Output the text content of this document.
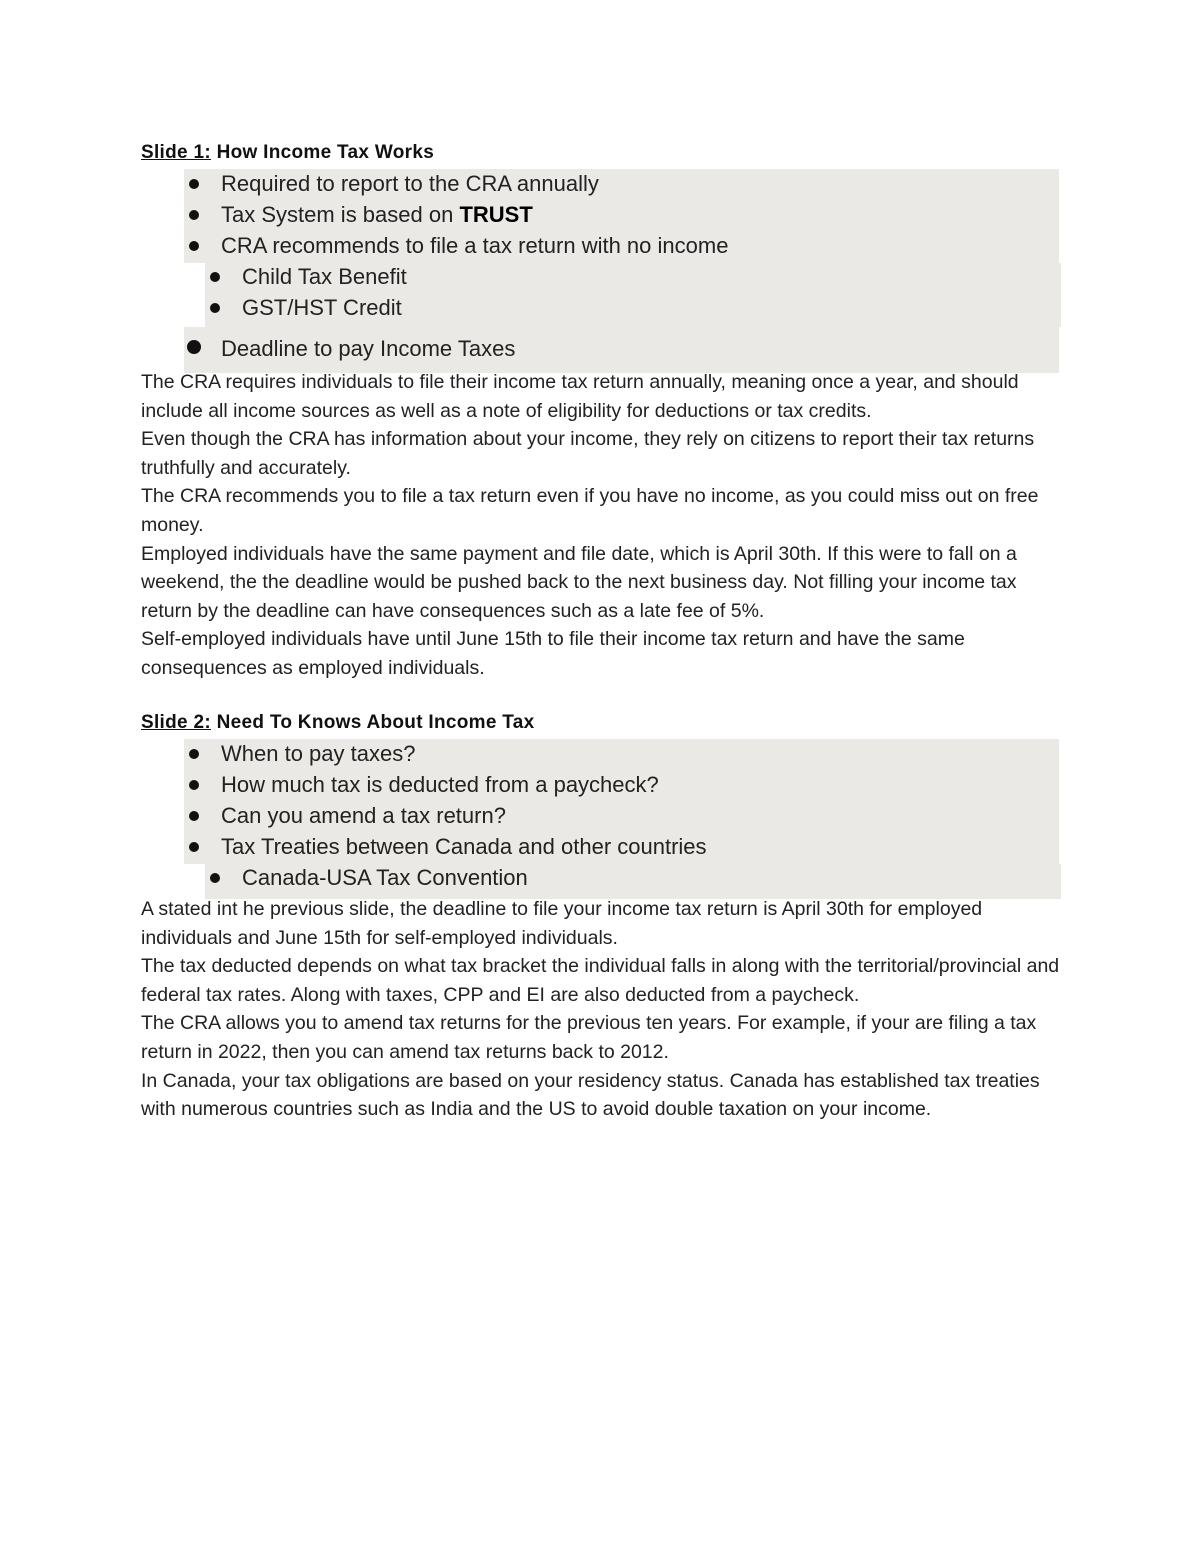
Slide 1: How Income Tax Works
Required to report to the CRA annually
Tax System is based on TRUST
CRA recommends to file a tax return with no income
Child Tax Benefit
GST/HST Credit
Deadline to pay Income Taxes

The CRA requires individuals to file their income tax return annually, meaning once a year, and should include all income sources as well as a note of eligibility for deductions or tax credits.

Even though the CRA has information about your income, they rely on citizens to report their tax returns truthfully and accurately.

The CRA recommends you to file a tax return even if you have no income, as you could miss out on free money.

Employed individuals have the same payment and file date, which is April 30th. If this were to fall on a weekend, the the deadline would be pushed back to the next business day. Not filling your income tax return by the deadline can have consequences such as a late fee of 5%.

Self-employed individuals have until June 15th to file their income tax return and have the same consequences as employed individuals.

Slide 2: Need To Knows About Income Tax
When to pay taxes?
How much tax is deducted from a paycheck?
Can you amend a tax return?
Tax Treaties between Canada and other countries
Canada-USA Tax Convention

A stated int he previous slide, the deadline to file your income tax return is April 30th for employed individuals and June 15th for self-employed individuals.

The tax deducted depends on what tax bracket the individual falls in along with the territorial/provincial and federal tax rates. Along with taxes, CPP and EI are also deducted from a paycheck.

The CRA allows you to amend tax returns for the previous ten years. For example, if your are filing a tax return in 2022, then you can amend tax returns back to 2012.

In Canada, your tax obligations are based on your residency status. Canada has established tax treaties with numerous countries such as India and the US to avoid double taxation on your income.
